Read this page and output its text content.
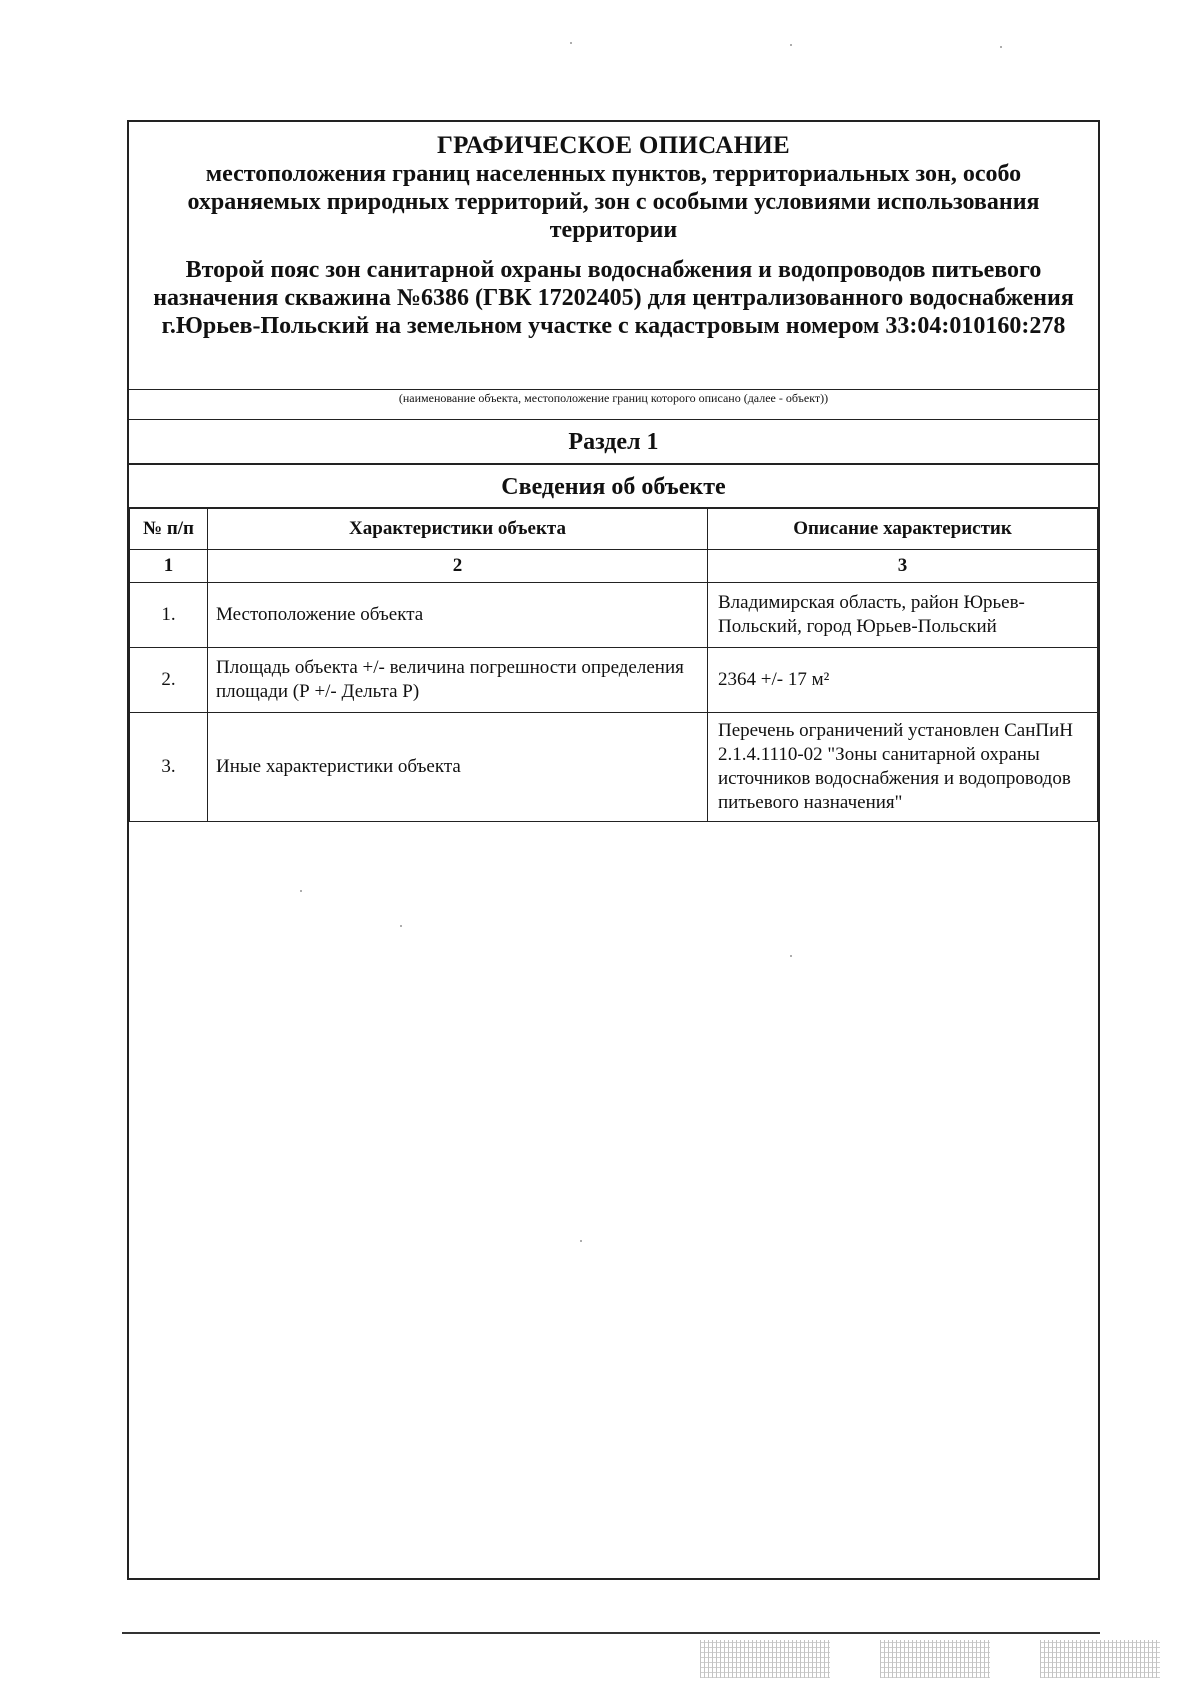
ГРАФИЧЕСКОЕ ОПИСАНИЕ
местоположения границ населенных пунктов, территориальных зон, особо охраняемых природных территорий, зон с особыми условиями использования территории
Второй пояс зон санитарной охраны водоснабжения и водопроводов питьевого назначения скважина №6386 (ГВК 17202405) для централизованного водоснабжения г.Юрьев-Польский на земельном участке с кадастровым номером 33:04:010160:278
(наименование объекта, местоположение границ которого описано (далее - объект))
Раздел 1
Сведения об объекте
№ п/п	Характеристики объекта	Описание характеристик
1	2	3
1.	Местоположение объекта	Владимирская область, район Юрьев-Польский, город Юрьев-Польский
2.	Площадь объекта +/- величина погрешности определения площади (Р +/- Дельта Р)	2364 +/- 17 м²
3.	Иные характеристики объекта	Перечень ограничений установлен СанПиН 2.1.4.1110-02 "Зоны санитарной охраны источников водоснабжения и водопроводов питьевого назначения"
